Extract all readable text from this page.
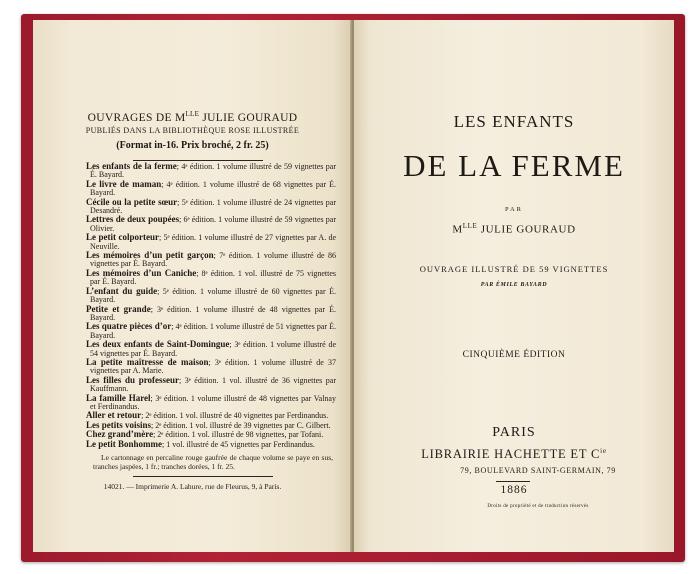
OUVRAGES DE $M^{LLE}$ JULIE GOURAUD
PUBLIÉS DANS LA BIBLIOTHÈQUE ROSE ILLUSTRÉE
(Format in-16. Prix broché, 2 fr. 25)
Les enfants de la ferme; 4ᵉ édition. 1 volume illustré de 59 vignettes par É. Bayard.
Le livre de maman; 4ᵉ édition. 1 volume illustré de 68 vignettes par É. Bayard.
Cécile ou la petite sœur; 5ᵉ édition. 1 volume illustré de 24 vignettes par Desandré.
Lettres de deux poupées; 6ᵉ édition. 1 volume illustré de 59 vignettes par Olivier.
Le petit colporteur; 5ᵉ édition. 1 volume illustré de 27 vignettes par A. de Neuville.
Les mémoires d’un petit garçon; 7ᵉ édition. 1 volume illustré de 86 vignettes par É. Bayard.
Les mémoires d’un Caniche; 8ᵉ édition. 1 vol. illustré de 75 vignettes par É. Bayard.
L’enfant du guide; 5ᵉ édition. 1 volume illustré de 60 vignettes par É. Bayard.
Petite et grande; 3ᵉ édition. 1 volume illustré de 48 vignettes par É. Bayard.
Les quatre pièces d’or; 4ᵉ édition. 1 volume illustré de 51 vignettes par É. Bayard.
Les deux enfants de Saint-Domingue; 3ᵉ édition. 1 volume illustré de 54 vignettes par É. Bayard.
La petite maîtresse de maison; 3ᵉ édition. 1 volume illustré de 37 vignettes par A. Marie.
Les filles du professeur; 3ᵉ édition. 1 vol. illustré de 36 vignettes par Kauffmann.
La famille Harel; 3ᵉ édition. 1 volume illustré de 48 vignettes par Valnay et Ferdinandus.
Aller et retour; 2ᵉ édition. 1 vol. illustré de 40 vignettes par Ferdinandus.
Les petits voisins; 2ᵉ édition. 1 vol. illustré de 39 vignettes par C. Gilbert.
Chez grand’mère; 2ᵉ édition. 1 vol. illustré de 98 vignettes, par Tofani.
Le petit Bonhomme; 1 vol. illustré de 45 vignettes par Ferdinandus.
Le cartonnage en percaline rouge gaufrée de chaque volume se paye en sus, tranches jaspées, 1 fr.; tranches dorées, 1 fr. 25.
14021. — Imprimerie A. Lahure, rue de Fleurus, 9, à Paris.
LES ENFANTS
DE LA FERME
PAR
$M^{LLE}$ JULIE GOURAUD
OUVRAGE ILLUSTRÉ DE 59 VIGNETTES
PAR ÉMILE BAYARD
CINQUIÈME ÉDITION
PARIS
LIBRAIRIE HACHETTE ET $C^{ie}$
79, BOULEVARD SAINT-GERMAIN, 79
1886
Droits de propriété et de traduction réservés
